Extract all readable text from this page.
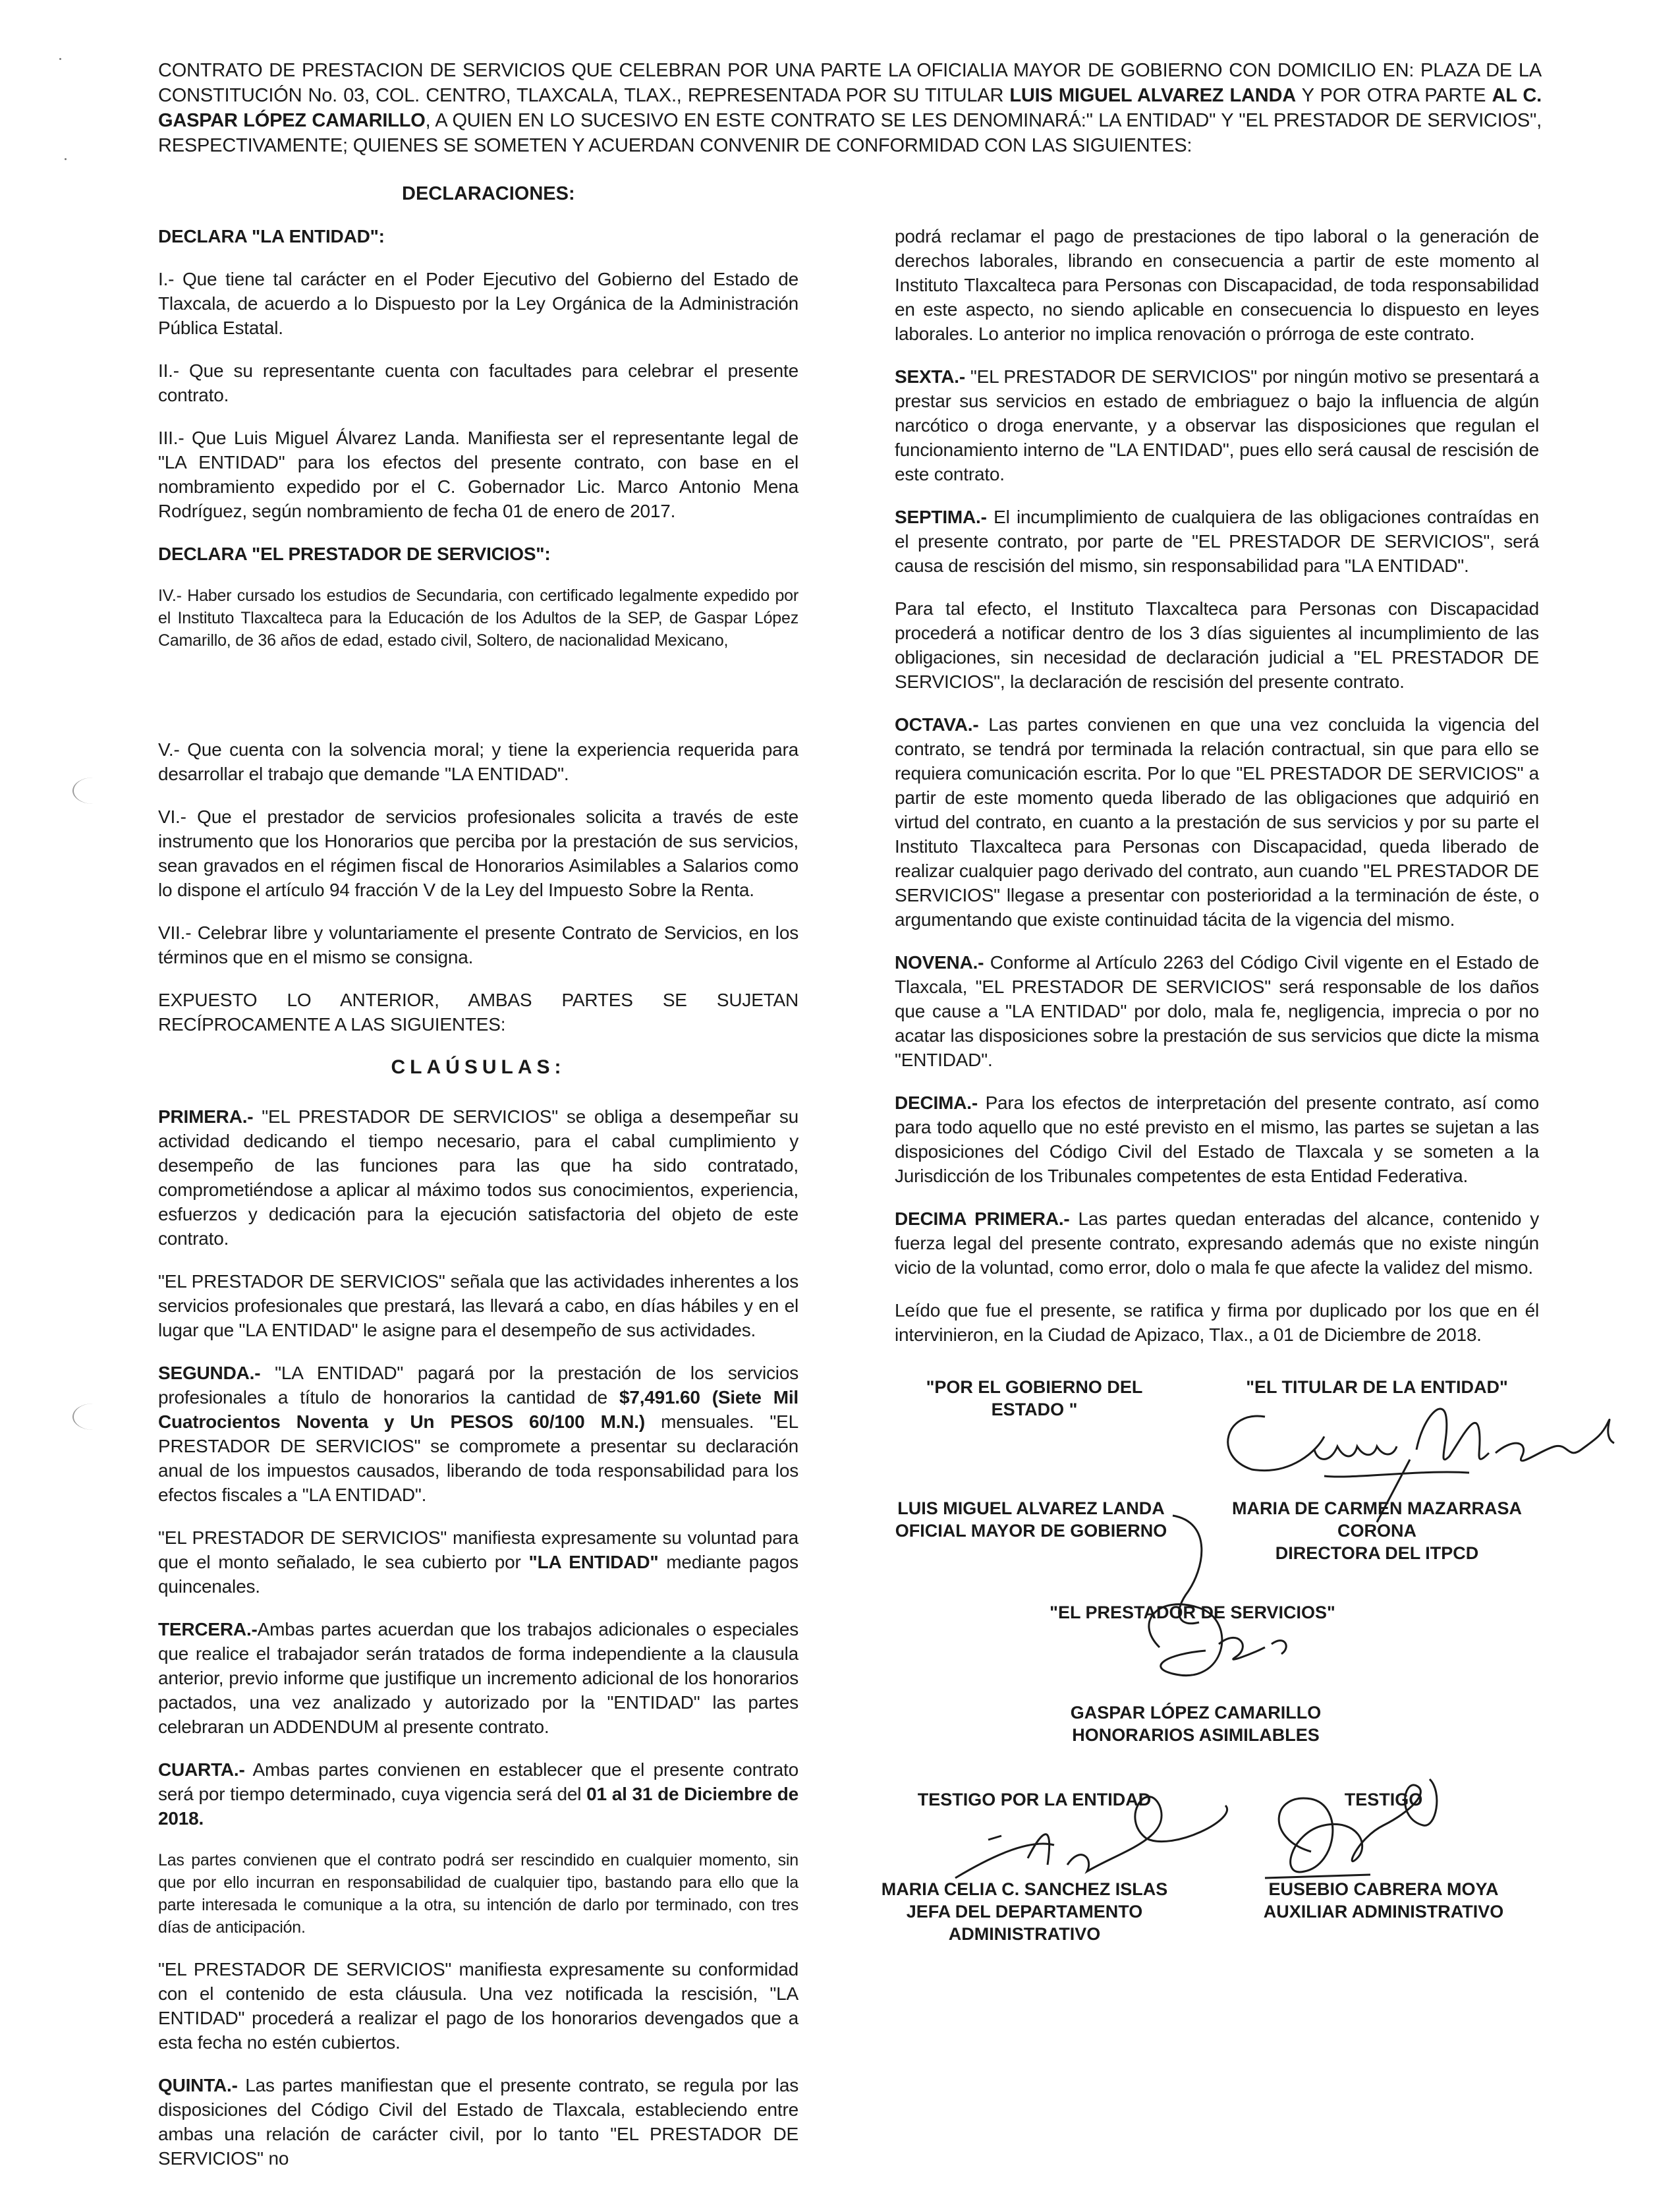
CONTRATO DE PRESTACION DE SERVICIOS QUE CELEBRAN POR UNA PARTE LA OFICIALIA MAYOR DE GOBIERNO CON DOMICILIO EN: PLAZA DE LA CONSTITUCIÓN No. 03, COL. CENTRO, TLAXCALA, TLAX., REPRESENTADA POR SU TITULAR LUIS MIGUEL ALVAREZ LANDA Y POR OTRA PARTE AL C. GASPAR LÓPEZ CAMARILLO, A QUIEN EN LO SUCESIVO EN ESTE CONTRATO SE LES DENOMINARÁ:" LA ENTIDAD" Y "EL PRESTADOR DE SERVICIOS", RESPECTIVAMENTE; QUIENES SE SOMETEN Y ACUERDAN CONVENIR DE CONFORMIDAD CON LAS SIGUIENTES:
DECLARACIONES:

DECLARA "LA ENTIDAD":

I.- Que tiene tal carácter en el Poder Ejecutivo del Gobierno del Estado de Tlaxcala, de acuerdo a lo Dispuesto por la Ley Orgánica de la Administración Pública Estatal.

II.- Que su representante cuenta con facultades para celebrar el presente contrato.

III.- Que Luis Miguel Álvarez Landa. Manifiesta ser el representante legal de "LA ENTIDAD" para los efectos del presente contrato, con base en el nombramiento expedido por el C. Gobernador Lic. Marco Antonio Mena Rodríguez, según nombramiento de fecha 01 de enero de 2017.

DECLARA "EL PRESTADOR DE SERVICIOS":

IV.- Haber cursado los estudios de Secundaria, con certificado legalmente expedido por el Instituto Tlaxcalteca para la Educación de los Adultos de la SEP, de Gaspar López Camarillo, de 36 años de edad, estado civil, Soltero, de nacionalidad Mexicano,

V.- Que cuenta con la solvencia moral; y tiene la experiencia requerida para desarrollar el trabajo que demande "LA ENTIDAD".

VI.- Que el prestador de servicios profesionales solicita a través de este instrumento que los Honorarios que perciba por la prestación de sus servicios, sean gravados en el régimen fiscal de Honorarios Asimilables a Salarios como lo dispone el artículo 94 fracción V de la Ley del Impuesto Sobre la Renta.

VII.- Celebrar libre y voluntariamente el presente Contrato de Servicios, en los términos que en el mismo se consigna.

EXPUESTO LO ANTERIOR, AMBAS PARTES SE SUJETAN RECÍPROCAMENTE A LAS SIGUIENTES:

CLAÚSULAS:

PRIMERA.- "EL PRESTADOR DE SERVICIOS" se obliga a desempeñar su actividad dedicando el tiempo necesario, para el cabal cumplimiento y desempeño de las funciones para las que ha sido contratado, comprometiéndose a aplicar al máximo todos sus conocimientos, experiencia, esfuerzos y dedicación para la ejecución satisfactoria del objeto de este contrato.

"EL PRESTADOR DE SERVICIOS" señala que las actividades inherentes a los servicios profesionales que prestará, las llevará a cabo, en días hábiles y en el lugar que "LA ENTIDAD" le asigne para el desempeño de sus actividades.

SEGUNDA.- "LA ENTIDAD" pagará por la prestación de los servicios profesionales a título de honorarios la cantidad de $7,491.60 (Siete Mil Cuatrocientos Noventa y Un PESOS 60/100 M.N.) mensuales. "EL PRESTADOR DE SERVICIOS" se compromete a presentar su declaración anual de los impuestos causados, liberando de toda responsabilidad para los efectos fiscales a "LA ENTIDAD".

"EL PRESTADOR DE SERVICIOS" manifiesta expresamente su voluntad para que el monto señalado, le sea cubierto por "LA ENTIDAD" mediante pagos quincenales.

TERCERA.-Ambas partes acuerdan que los trabajos adicionales o especiales que realice el trabajador serán tratados de forma independiente a la clausula anterior, previo informe que justifique un incremento adicional de los honorarios pactados, una vez analizado y autorizado por la "ENTIDAD" las partes celebraran un ADDENDUM al presente contrato.

CUARTA.- Ambas partes convienen en establecer que el presente contrato será por tiempo determinado, cuya vigencia será del 01 al 31 de Diciembre de 2018.

Las partes convienen que el contrato podrá ser rescindido en cualquier momento, sin que por ello incurran en responsabilidad de cualquier tipo, bastando para ello que la parte interesada le comunique a la otra, su intención de darlo por terminado, con tres días de anticipación.

"EL PRESTADOR DE SERVICIOS" manifiesta expresamente su conformidad con el contenido de esta cláusula. Una vez notificada la rescisión, "LA ENTIDAD" procederá a realizar el pago de los honorarios devengados que a esta fecha no estén cubiertos.

QUINTA.- Las partes manifiestan que el presente contrato, se regula por las disposiciones del Código Civil del Estado de Tlaxcala, estableciendo entre ambas una relación de carácter civil, por lo tanto "EL PRESTADOR DE SERVICIOS" no

podrá reclamar el pago de prestaciones de tipo laboral o la generación de derechos laborales, librando en consecuencia a partir de este momento al Instituto Tlaxcalteca para Personas con Discapacidad, de toda responsabilidad en este aspecto, no siendo aplicable en consecuencia lo dispuesto en leyes laborales. Lo anterior no implica renovación o prórroga de este contrato.

SEXTA.- "EL PRESTADOR DE SERVICIOS" por ningún motivo se presentará a prestar sus servicios en estado de embriaguez o bajo la influencia de algún narcótico o droga enervante, y a observar las disposiciones que regulan el funcionamiento interno de "LA ENTIDAD", pues ello será causal de rescisión de este contrato.

SEPTIMA.- El incumplimiento de cualquiera de las obligaciones contraídas en el presente contrato, por parte de "EL PRESTADOR DE SERVICIOS", será causa de rescisión del mismo, sin responsabilidad para "LA ENTIDAD".

Para tal efecto, el Instituto Tlaxcalteca para Personas con Discapacidad procederá a notificar dentro de los 3 días siguientes al incumplimiento de las obligaciones, sin necesidad de declaración judicial a "EL PRESTADOR DE SERVICIOS", la declaración de rescisión del presente contrato.

OCTAVA.- Las partes convienen en que una vez concluida la vigencia del contrato, se tendrá por terminada la relación contractual, sin que para ello se requiera comunicación escrita. Por lo que "EL PRESTADOR DE SERVICIOS" a partir de este momento queda liberado de las obligaciones que adquirió en virtud del contrato, en cuanto a la prestación de sus servicios y por su parte el Instituto Tlaxcalteca para Personas con Discapacidad, queda liberado de realizar cualquier pago derivado del contrato, aun cuando "EL PRESTADOR DE SERVICIOS" llegase a presentar con posterioridad a la terminación de éste, o argumentando que existe continuidad tácita de la vigencia del mismo.

NOVENA.- Conforme al Artículo 2263 del Código Civil vigente en el Estado de Tlaxcala, "EL PRESTADOR DE SERVICIOS" será responsable de los daños que cause a "LA ENTIDAD" por dolo, mala fe, negligencia, imprecia o por no acatar las disposiciones sobre la prestación de sus servicios que dicte la misma "ENTIDAD".

DECIMA.- Para los efectos de interpretación del presente contrato, así como para todo aquello que no esté previsto en el mismo, las partes se sujetan a las disposiciones del Código Civil del Estado de Tlaxcala y se someten a la Jurisdicción de los Tribunales competentes de esta Entidad Federativa.

DECIMA PRIMERA.- Las partes quedan enteradas del alcance, contenido y fuerza legal del presente contrato, expresando además que no existe ningún vicio de la voluntad, como error, dolo o mala fe que afecte la validez del mismo.

Leído que fue el presente, se ratifica y firma por duplicado por los que en él intervinieron, en la Ciudad de Apizaco, Tlax., a 01 de Diciembre de 2018.

"POR EL GOBIERNO DEL ESTADO "
"EL TITULAR DE LA ENTIDAD"
LUIS MIGUEL ALVAREZ LANDA
OFICIAL MAYOR DE GOBIERNO
MARIA DE CARMEN MAZARRASA
CORONA
DIRECTORA DEL ITPCD
"EL PRESTADOR DE SERVICIOS"
GASPAR LÓPEZ CAMARILLO
HONORARIOS ASIMILABLES
TESTIGO POR LA ENTIDAD	TESTIGO
MARIA CELIA C. SANCHEZ ISLAS
JEFA DEL DEPARTAMENTO
ADMINISTRATIVO
EUSEBIO CABRERA MOYA
AUXILIAR ADMINISTRATIVO
